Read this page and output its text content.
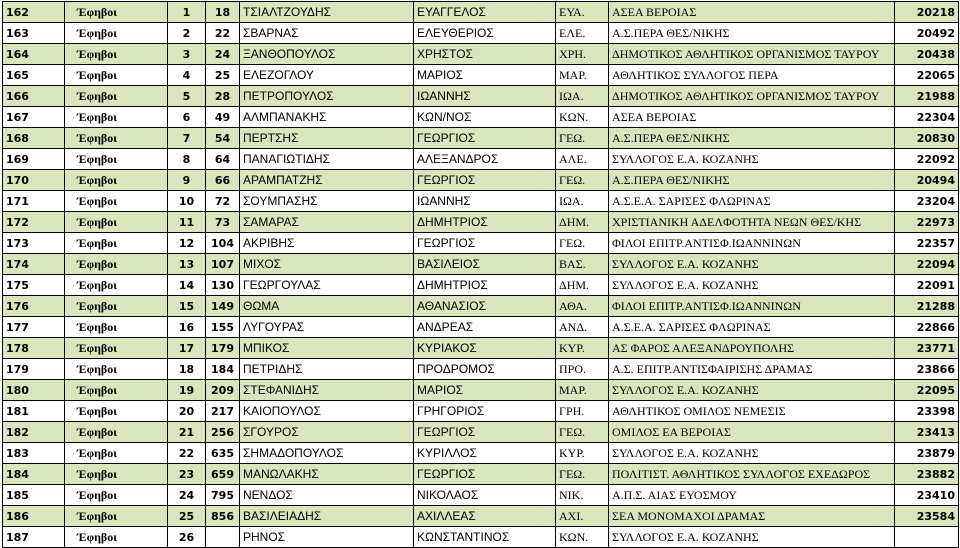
162	Έφηβοι	1	18	ΤΣΙΑΛΤΖΟΥΔΗΣ	ΕΥΑΓΓΕΛΟΣ	ΕΥΑ.	ΑΣΕΑ ΒΕΡΟΙΑΣ	20218
163	Έφηβοι	2	22	ΣΒΑΡΝΑΣ	ΕΛΕΥΘΕΡΙΟΣ	ΕΛΕ.	Α.Σ.ΠΕΡΑ ΘΕΣ/ΝΙΚΗΣ	20492
164	Έφηβοι	3	24	ΞΑΝΘΟΠΟΥΛΟΣ	ΧΡΗΣΤΟΣ	ΧΡΗ.	ΔΗΜΟΤΙΚΟΣ ΑΘΛΗΤΙΚΟΣ ΟΡΓΑΝΙΣΜΟΣ ΤΑΥΡΟΥ	20438
165	Έφηβοι	4	25	ΕΛΕΖΟΓΛΟΥ	ΜΑΡΙΟΣ	ΜΑΡ.	ΑΘΛΗΤΙΚΟΣ ΣΥΛΛΟΓΟΣ ΠΕΡΑ	22065
166	Έφηβοι	5	28	ΠΕΤΡΟΠΟΥΛΟΣ	ΙΩΑΝΝΗΣ	ΙΩΑ.	ΔΗΜΟΤΙΚΟΣ ΑΘΛΗΤΙΚΟΣ ΟΡΓΑΝΙΣΜΟΣ ΤΑΥΡΟΥ	21988
167	Έφηβοι	6	49	ΑΛΜΠΑΝΑΚΗΣ	ΚΩΝ/ΝΟΣ	ΚΩΝ.	ΑΣΕΑ ΒΕΡΟΙΑΣ	22304
168	Έφηβοι	7	54	ΠΕΡΤΣΗΣ	ΓΕΩΡΓΙΟΣ	ΓΕΩ.	Α.Σ.ΠΕΡΑ ΘΕΣ/ΝΙΚΗΣ	20830
169	Έφηβοι	8	64	ΠΑΝΑΓΙΩΤΙΔΗΣ	ΑΛΕΞΑΝΔΡΟΣ	ΑΛΕ.	ΣΥΛΛΟΓΟΣ Ε.Α. ΚΟΖΑΝΗΣ	22092
170	Έφηβοι	9	66	ΑΡΑΜΠΑΤΖΗΣ	ΓΕΩΡΓΙΟΣ	ΓΕΩ.	Α.Σ.ΠΕΡΑ ΘΕΣ/ΝΙΚΗΣ	20494
171	Έφηβοι	10	72	ΣΟΥΜΠΑΣΗΣ	ΙΩΑΝΝΗΣ	ΙΩΑ.	Α.Σ.Ε.Α. ΣΑΡΙΣΕΣ ΦΛΩΡΙΝΑΣ	23204
172	Έφηβοι	11	73	ΣΑΜΑΡΑΣ	ΔΗΜΗΤΡΙΟΣ	ΔΗΜ.	ΧΡΙΣΤΙΑΝΙΚΗ ΑΔΕΛΦΟΤΗΤΑ ΝΕΩΝ ΘΕΣ/ΚΗΣ	22973
173	Έφηβοι	12	104	ΑΚΡΙΒΗΣ	ΓΕΩΡΓΙΟΣ	ΓΕΩ.	ΦΙΛΟΙ ΕΠΙΤΡ.ΑΝΤΙΣΦ.ΙΩΑΝΝΙΝΩΝ	22357
174	Έφηβοι	13	107	ΜΙΧΟΣ	ΒΑΣΙΛΕΙΟΣ	ΒΑΣ.	ΣΥΛΛΟΓΟΣ Ε.Α. ΚΟΖΑΝΗΣ	22094
175	Έφηβοι	14	130	ΓΕΩΡΓΟΥΛΑΣ	ΔΗΜΗΤΡΙΟΣ	ΔΗΜ.	ΣΥΛΛΟΓΟΣ Ε.Α. ΚΟΖΑΝΗΣ	22091
176	Έφηβοι	15	149	ΘΩΜΑ	ΑΘΑΝΑΣΙΟΣ	ΑΘΑ.	ΦΙΛΟΙ ΕΠΙΤΡ.ΑΝΤΙΣΦ.ΙΩΑΝΝΙΝΩΝ	21288
177	Έφηβοι	16	155	ΛΥΓΟΥΡΑΣ	ΑΝΔΡΕΑΣ	ΑΝΔ.	Α.Σ.Ε.Α. ΣΑΡΙΣΕΣ ΦΛΩΡΙΝΑΣ	22866
178	Έφηβοι	17	179	ΜΠΙΚΟΣ	ΚΥΡΙΑΚΟΣ	ΚΥΡ.	ΑΣ ΦΑΡΟΣ ΑΛΕΞΑΝΔΡΟΥΠΟΛΗΣ	23771
179	Έφηβοι	18	184	ΠΕΤΡΙΔΗΣ	ΠΡΟΔΡΟΜΟΣ	ΠΡΟ.	Α.Σ. ΕΠΙΤΡ.ΑΝΤΙΣΦΑΙΡΙΣΗΣ ΔΡΑΜΑΣ	23866
180	Έφηβοι	19	209	ΣΤΕΦΑΝΙΔΗΣ	ΜΑΡΙΟΣ	ΜΑΡ.	ΣΥΛΛΟΓΟΣ Ε.Α. ΚΟΖΑΝΗΣ	22095
181	Έφηβοι	20	217	ΚΑΙΟΠΟΥΛΟΣ	ΓΡΗΓΟΡΙΟΣ	ΓΡΗ.	ΑΘΛΗΤΙΚΟΣ ΟΜΙΛΟΣ ΝΕΜΕΣΙΣ	23398
182	Έφηβοι	21	256	ΣΓΟΥΡΟΣ	ΓΕΩΡΓΙΟΣ	ΓΕΩ.	ΟΜΙΛΟΣ ΕΑ ΒΕΡΟΙΑΣ	23413
183	Έφηβοι	22	635	ΣΗΜΑΔΟΠΟΥΛΟΣ	ΚΥΡΙΛΛΟΣ	ΚΥΡ.	ΣΥΛΛΟΓΟΣ Ε.Α. ΚΟΖΑΝΗΣ	23879
184	Έφηβοι	23	659	ΜΑΝΩΛΑΚΗΣ	ΓΕΩΡΓΙΟΣ	ΓΕΩ.	ΠΟΛΙΤΙΣΤ. ΑΘΛΗΤΙΚΟΣ ΣΥΛΛΟΓΟΣ ΕΧΕΔΩΡΟΣ	23882
185	Έφηβοι	24	795	ΝΕΝΔΟΣ	ΝΙΚΟΛΑΟΣ	ΝΙΚ.	Α.Π.Σ. ΑΙΑΣ ΕΥΟΣΜΟΥ	23410
186	Έφηβοι	25	856	ΒΑΣΙΛΕΙΑΔΗΣ	ΑΧΙΛΛΕΑΣ	ΑΧΙ.	ΣΕΑ ΜΟΝΟΜΑΧΟΙ ΔΡΑΜΑΣ	23584
187	Έφηβοι	26		ΡΗΝΟΣ	ΚΩΝΣΤΑΝΤΙΝΟΣ	ΚΩΝ.	ΣΥΛΛΟΓΟΣ Ε.Α. ΚΟΖΑΝΗΣ	
